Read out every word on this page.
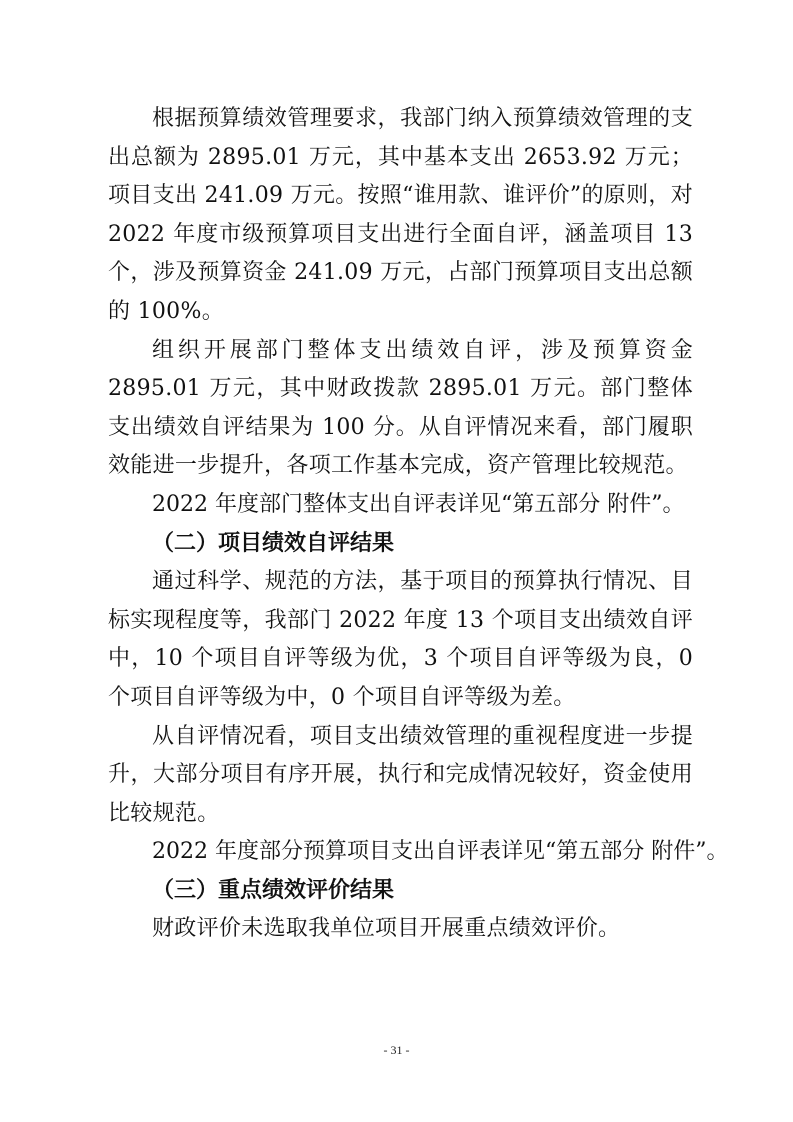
根据预算绩效管理要求，我部门纳入预算绩效管理的支出总额为 2895.01 万元，其中基本支出 2653.92 万元；项目支出 241.09 万元。按照“谁用款、谁评价”的原则，对 2022 年度市级预算项目支出进行全面自评，涵盖项目 13 个，涉及预算资金 241.09 万元，占部门预算项目支出总额的 100%。

组织开展部门整体支出绩效自评，涉及预算资金 2895.01 万元，其中财政拨款 2895.01 万元。部门整体支出绩效自评结果为 100 分。从自评情况来看，部门履职效能进一步提升，各项工作基本完成，资产管理比较规范。

2022 年度部门整体支出自评表详见“第五部分 附件”。

（二）项目绩效自评结果

通过科学、规范的方法，基于项目的预算执行情况、目标实现程度等，我部门 2022 年度 13 个项目支出绩效自评中，10 个项目自评等级为优，3 个项目自评等级为良，0 个项目自评等级为中，0 个项目自评等级为差。

从自评情况看，项目支出绩效管理的重视程度进一步提升，大部分项目有序开展，执行和完成情况较好，资金使用比较规范。

2022 年度部分预算项目支出自评表详见“第五部分 附件”。

（三）重点绩效评价结果

财政评价未选取我单位项目开展重点绩效评价。

- 31 -
